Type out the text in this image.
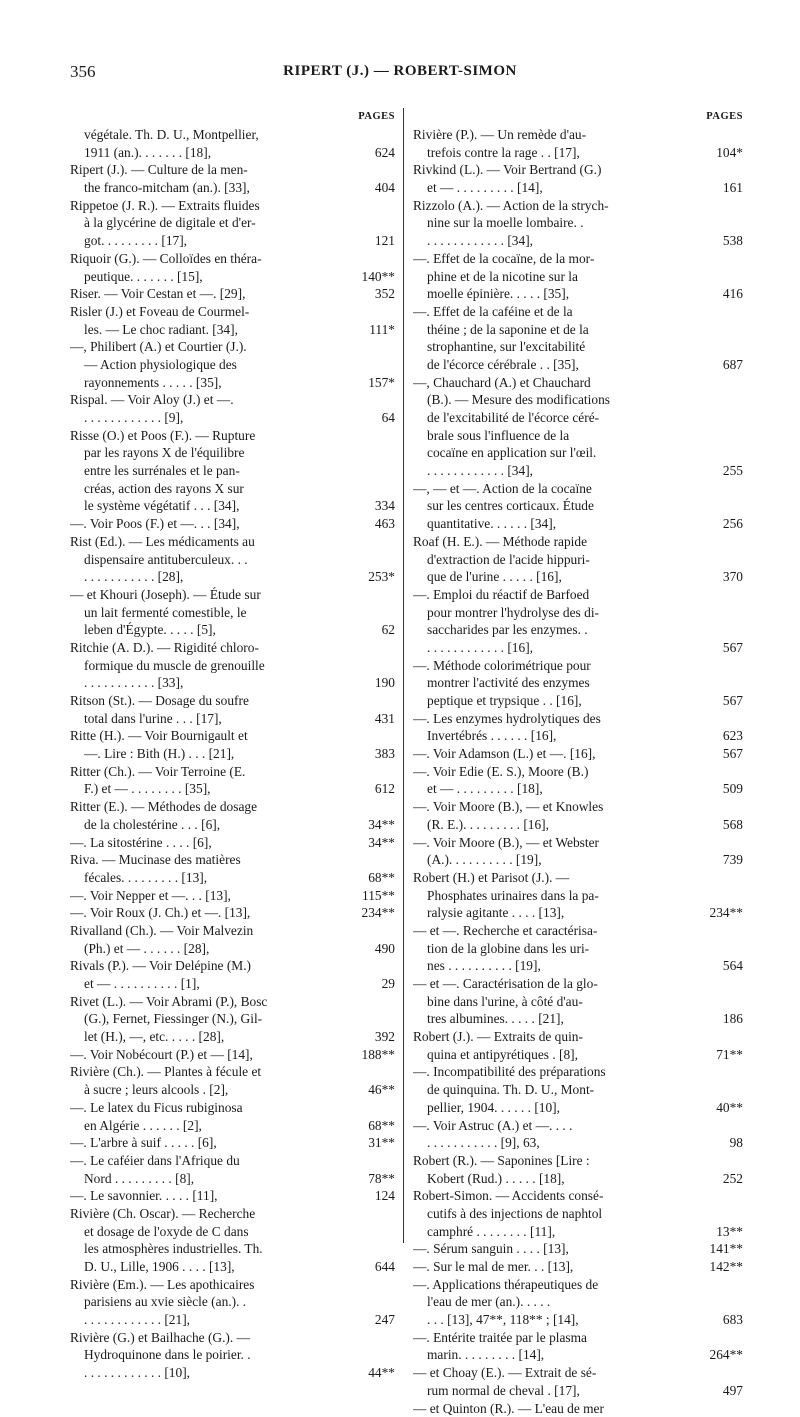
356	RIPERT (J.) — ROBERT-SIMON
PAGES
végétale. Th. D. U., Montpellier,
1911 (an.). . . . . . . [18],	624
Ripert (J.). — Culture de la men-
the franco-mitcham (an.). [33],	404
Rippetoe (J. R.). — Extraits fluides
à la glycérine de digitale et d'er-
got. . . . . . . . . [17],	121
Riquoir (G.). — Colloïdes en théra-
peutique. . . . . . . [15],	140**
Riser. — Voir Cestan et —. [29],	352
Risler (J.) et Foveau de Courmel-
les. — Le choc radiant. [34],	111*
—, Philibert (A.) et Courtier (J.).
— Action physiologique des
rayonnements . . . . . [35],	157*
Rispal. — Voir Aloy (J.) et —.
. . . . . . . . . . . . [9],	64
Risse (O.) et Poos (F.). — Rupture
par les rayons X de l'équilibre
entre les surrénales et le pan-
créas, action des rayons X sur
le système végétatif . . . [34],	334
—. Voir Poos (F.) et —. . . [34],	463
Rist (Ed.). — Les médicaments au
dispensaire antituberculeux. . .
. . . . . . . . . . . [28],	253*
— et Khouri (Joseph). — Étude sur
un lait fermenté comestible, le
leben d'Égypte. . . . . [5],	62
Ritchie (A. D.). — Rigidité chloro-
formique du muscle de grenouille
. . . . . . . . . . . [33],	190
Ritson (St.). — Dosage du soufre
total dans l'urine . . . [17],	431
Ritte (H.). — Voir Bournigault et
—. Lire : Bith (H.) . . . [21],	383
Ritter (Ch.). — Voir Terroine (E.
F.) et — . . . . . . . . [35],	612
Ritter (E.). — Méthodes de dosage
de la cholestérine . . . [6],	34**
—. La sitostérine . . . . [6],	34**
Riva. — Mucinase des matières
fécales. . . . . . . . . [13],	68**
—. Voir Nepper et —. . . [13],	115**
—. Voir Roux (J. Ch.) et —. [13],	234**
Rivalland (Ch.). — Voir Malvezin
(Ph.) et — . . . . . . [28],	490
Rivals (P.). — Voir Delépine (M.)
et — . . . . . . . . . . [1],	29
Rivet (L.). — Voir Abrami (P.), Bosc
(G.), Fernet, Fiessinger (N.), Gil-
let (H.), —, etc. . . . . [28],	392
—. Voir Nobécourt (P.) et — [14],	188**
Rivière (Ch.). — Plantes à fécule et
à sucre ; leurs alcools . [2],	46**
—. Le latex du Ficus rubiginosa
en Algérie . . . . . . [2],	68**
—. L'arbre à suif . . . . . [6],	31**
—. Le caféier dans l'Afrique du
Nord . . . . . . . . . [8],	78**
—. Le savonnier. . . . . [11],	124
Rivière (Ch. Oscar). — Recherche
et dosage de l'oxyde de C dans
les atmosphères industrielles. Th.
D. U., Lille, 1906 . . . . [13],	644
Rivière (Em.). — Les apothicaires
parisiens au xvie siècle (an.). .
. . . . . . . . . . . . [21],	247
Rivière (G.) et Bailhache (G.). —
Hydroquinone dans le poirier. .
. . . . . . . . . . . . [10],	44**
PAGES
Rivière (P.). — Un remède d'au-
trefois contre la rage . . [17],	104*
Rivkind (L.). — Voir Bertrand (G.)
et — . . . . . . . . . [14],	161
Rizzolo (A.). — Action de la strych-
nine sur la moelle lombaire. .
. . . . . . . . . . . . [34],	538
—. Effet de la cocaïne, de la mor-
phine et de la nicotine sur la
moelle épinière. . . . . [35],	416
—. Effet de la caféine et de la
théine ; de la saponine et de la
strophantine, sur l'excitabilité
de l'écorce cérébrale . . [35],	687
—, Chauchard (A.) et Chauchard
(B.). — Mesure des modifications
de l'excitabilité de l'écorce céré-
brale sous l'influence de la
cocaïne en application sur l'œil.
. . . . . . . . . . . . [34],	255
—, — et —. Action de la cocaïne
sur les centres corticaux. Étude
quantitative. . . . . . [34],	256
Roaf (H. E.). — Méthode rapide
d'extraction de l'acide hippuri-
que de l'urine . . . . . [16],	370
—. Emploi du réactif de Barfoed
pour montrer l'hydrolyse des di-
saccharides par les enzymes. .
. . . . . . . . . . . . [16],	567
—. Méthode colorimétrique pour
montrer l'activité des enzymes
peptique et trypsique . . [16],	567
—. Les enzymes hydrolytiques des
Invertébrés . . . . . . [16],	623
—. Voir Adamson (L.) et —. [16],	567
—. Voir Edie (E. S.), Moore (B.)
et — . . . . . . . . . [18],	509
—. Voir Moore (B.), — et Knowles
(R. E.). . . . . . . . . [16],	568
—. Voir Moore (B.), — et Webster
(A.). . . . . . . . . . [19],	739
Robert (H.) et Parisot (J.). —
Phosphates urinaires dans la pa-
ralysie agitante . . . . [13],	234**
— et —. Recherche et caractérisa-
tion de la globine dans les uri-
nes . . . . . . . . . . [19],	564
— et —. Caractérisation de la glo-
bine dans l'urine, à côté d'au-
tres albumines. . . . . [21],	186
Robert (J.). — Extraits de quin-
quina et antipyrétiques . [8],	71**
—. Incompatibilité des préparations
de quinquina. Th. D. U., Mont-
pellier, 1904. . . . . . [10],	40**
—. Voir Astruc (A.) et —. . . .
. . . . . . . . . . . [9], 63,	98
Robert (R.). — Saponines [Lire :
Kobert (Rud.) . . . . . [18],	252
Robert-Simon. — Accidents consé-
cutifs à des injections de naphtol
camphré . . . . . . . . [11],	13**
—. Sérum sanguin . . . . [13],	141**
—. Sur le mal de mer. . . [13],	142**
—. Applications thérapeutiques de
l'eau de mer (an.). . . . .
. . . [13], 47**, 118** ; [14],	683
—. Entérite traitée par le plasma
marin. . . . . . . . . [14],	264**
— et Choay (E.). — Extrait de sé-
rum normal de cheval . [17],	497
— et Quinton (R.). — L'eau de mer
